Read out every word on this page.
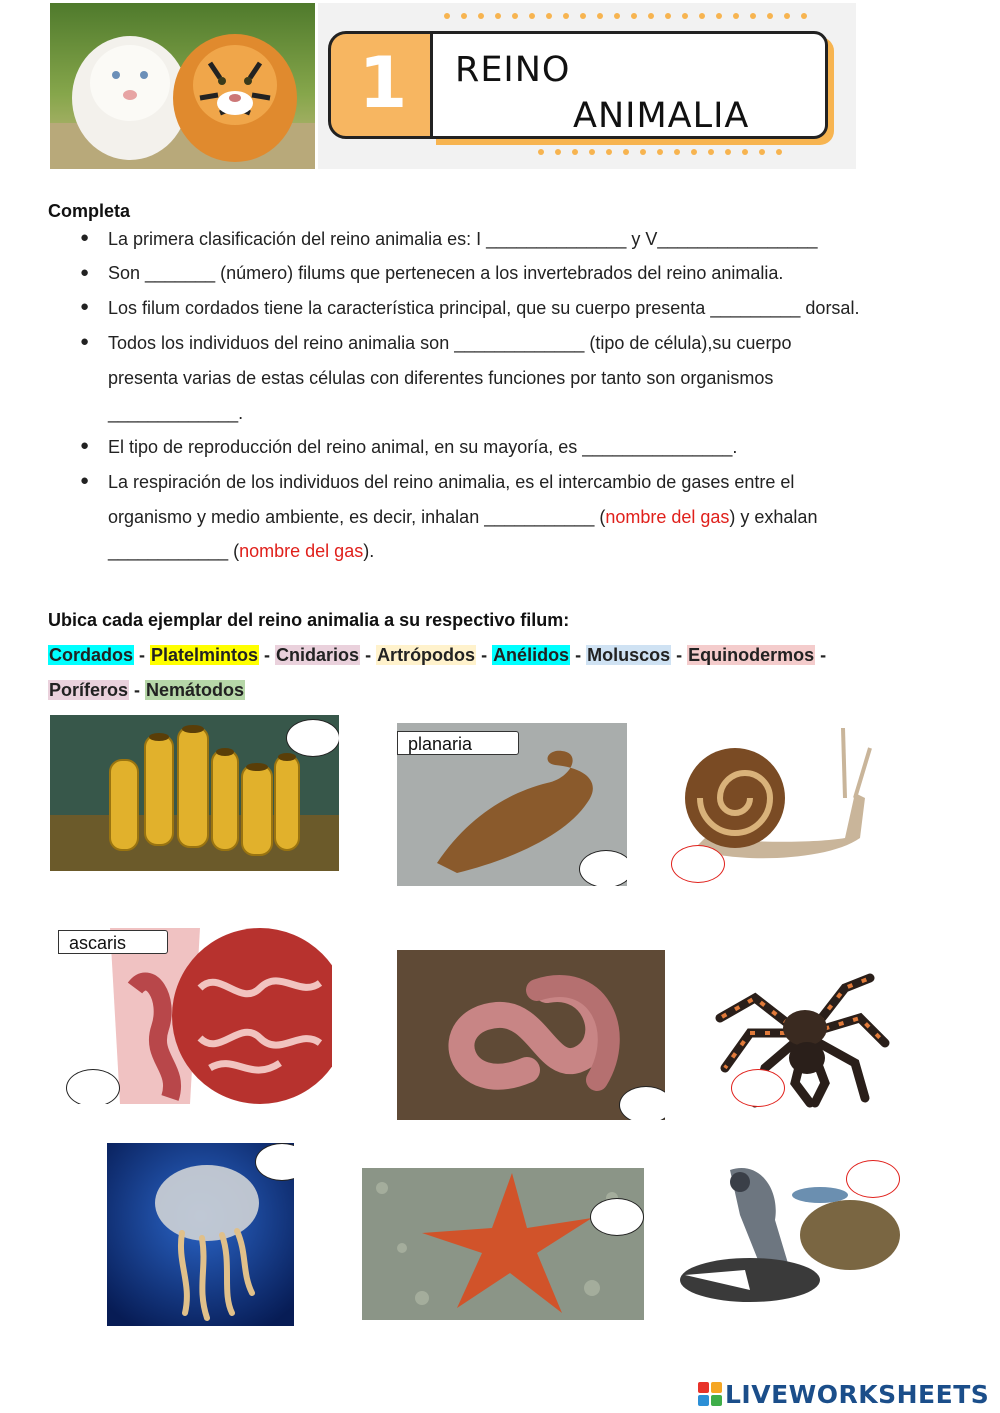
1	REINO
ANIMALIA
Completa
● La primera clasificación del reino animalia es: I ______________ y V________________
● Son _______ (número) filums que pertenecen a los invertebrados del reino animalia.
● Los filum cordados tiene la característica principal, que su cuerpo presenta _________ dorsal.
● Todos los individuos del reino animalia son _____________ (tipo de célula),su cuerpo
presenta varias de estas células con diferentes funciones por tanto son organismos
_____________.
● El tipo de reproducción del reino animal, en su mayoría, es _______________.
● La respiración de los individuos del reino animalia, es el intercambio de gases entre el
organismo y medio ambiente, es decir, inhalan ___________ (nombre del gas) y exhalan
____________ (nombre del gas).
Ubica cada ejemplar del reino animalia a su respectivo filum:
Cordados - Platelmintos - Cnidarios - Artrópodos - Anélidos - Moluscos - Equinodermos -
Poríferos - Nemátodos
planaria
ascaris
LIVEWORKSHEETS
